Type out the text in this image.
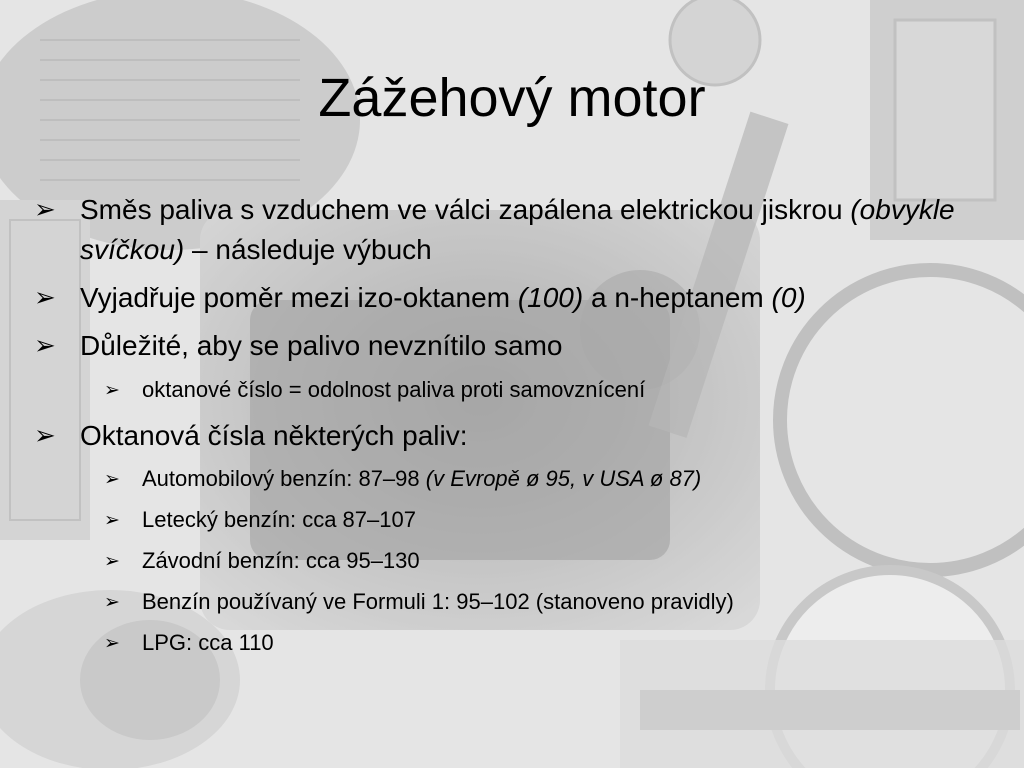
Zážehový motor
➢ Směs paliva s vzduchem ve válci zapálena elektrickou jiskrou (obvykle svíčkou) – následuje výbuch
➢ Vyjadřuje poměr mezi izo-oktanem (100) a n-heptanem (0)
➢ Důležité, aby se palivo nevznítilo samo
➢	oktanové číslo = odolnost paliva proti samovznícení
➢ Oktanová čísla některých paliv:
➢	Automobilový benzín: 87–98 (v Evropě ø 95, v USA ø 87)
➢	Letecký benzín: cca 87–107
➢	Závodní benzín: cca 95–130
➢	Benzín používaný ve Formuli 1: 95–102 (stanoveno pravidly)
➢	LPG: cca 110
